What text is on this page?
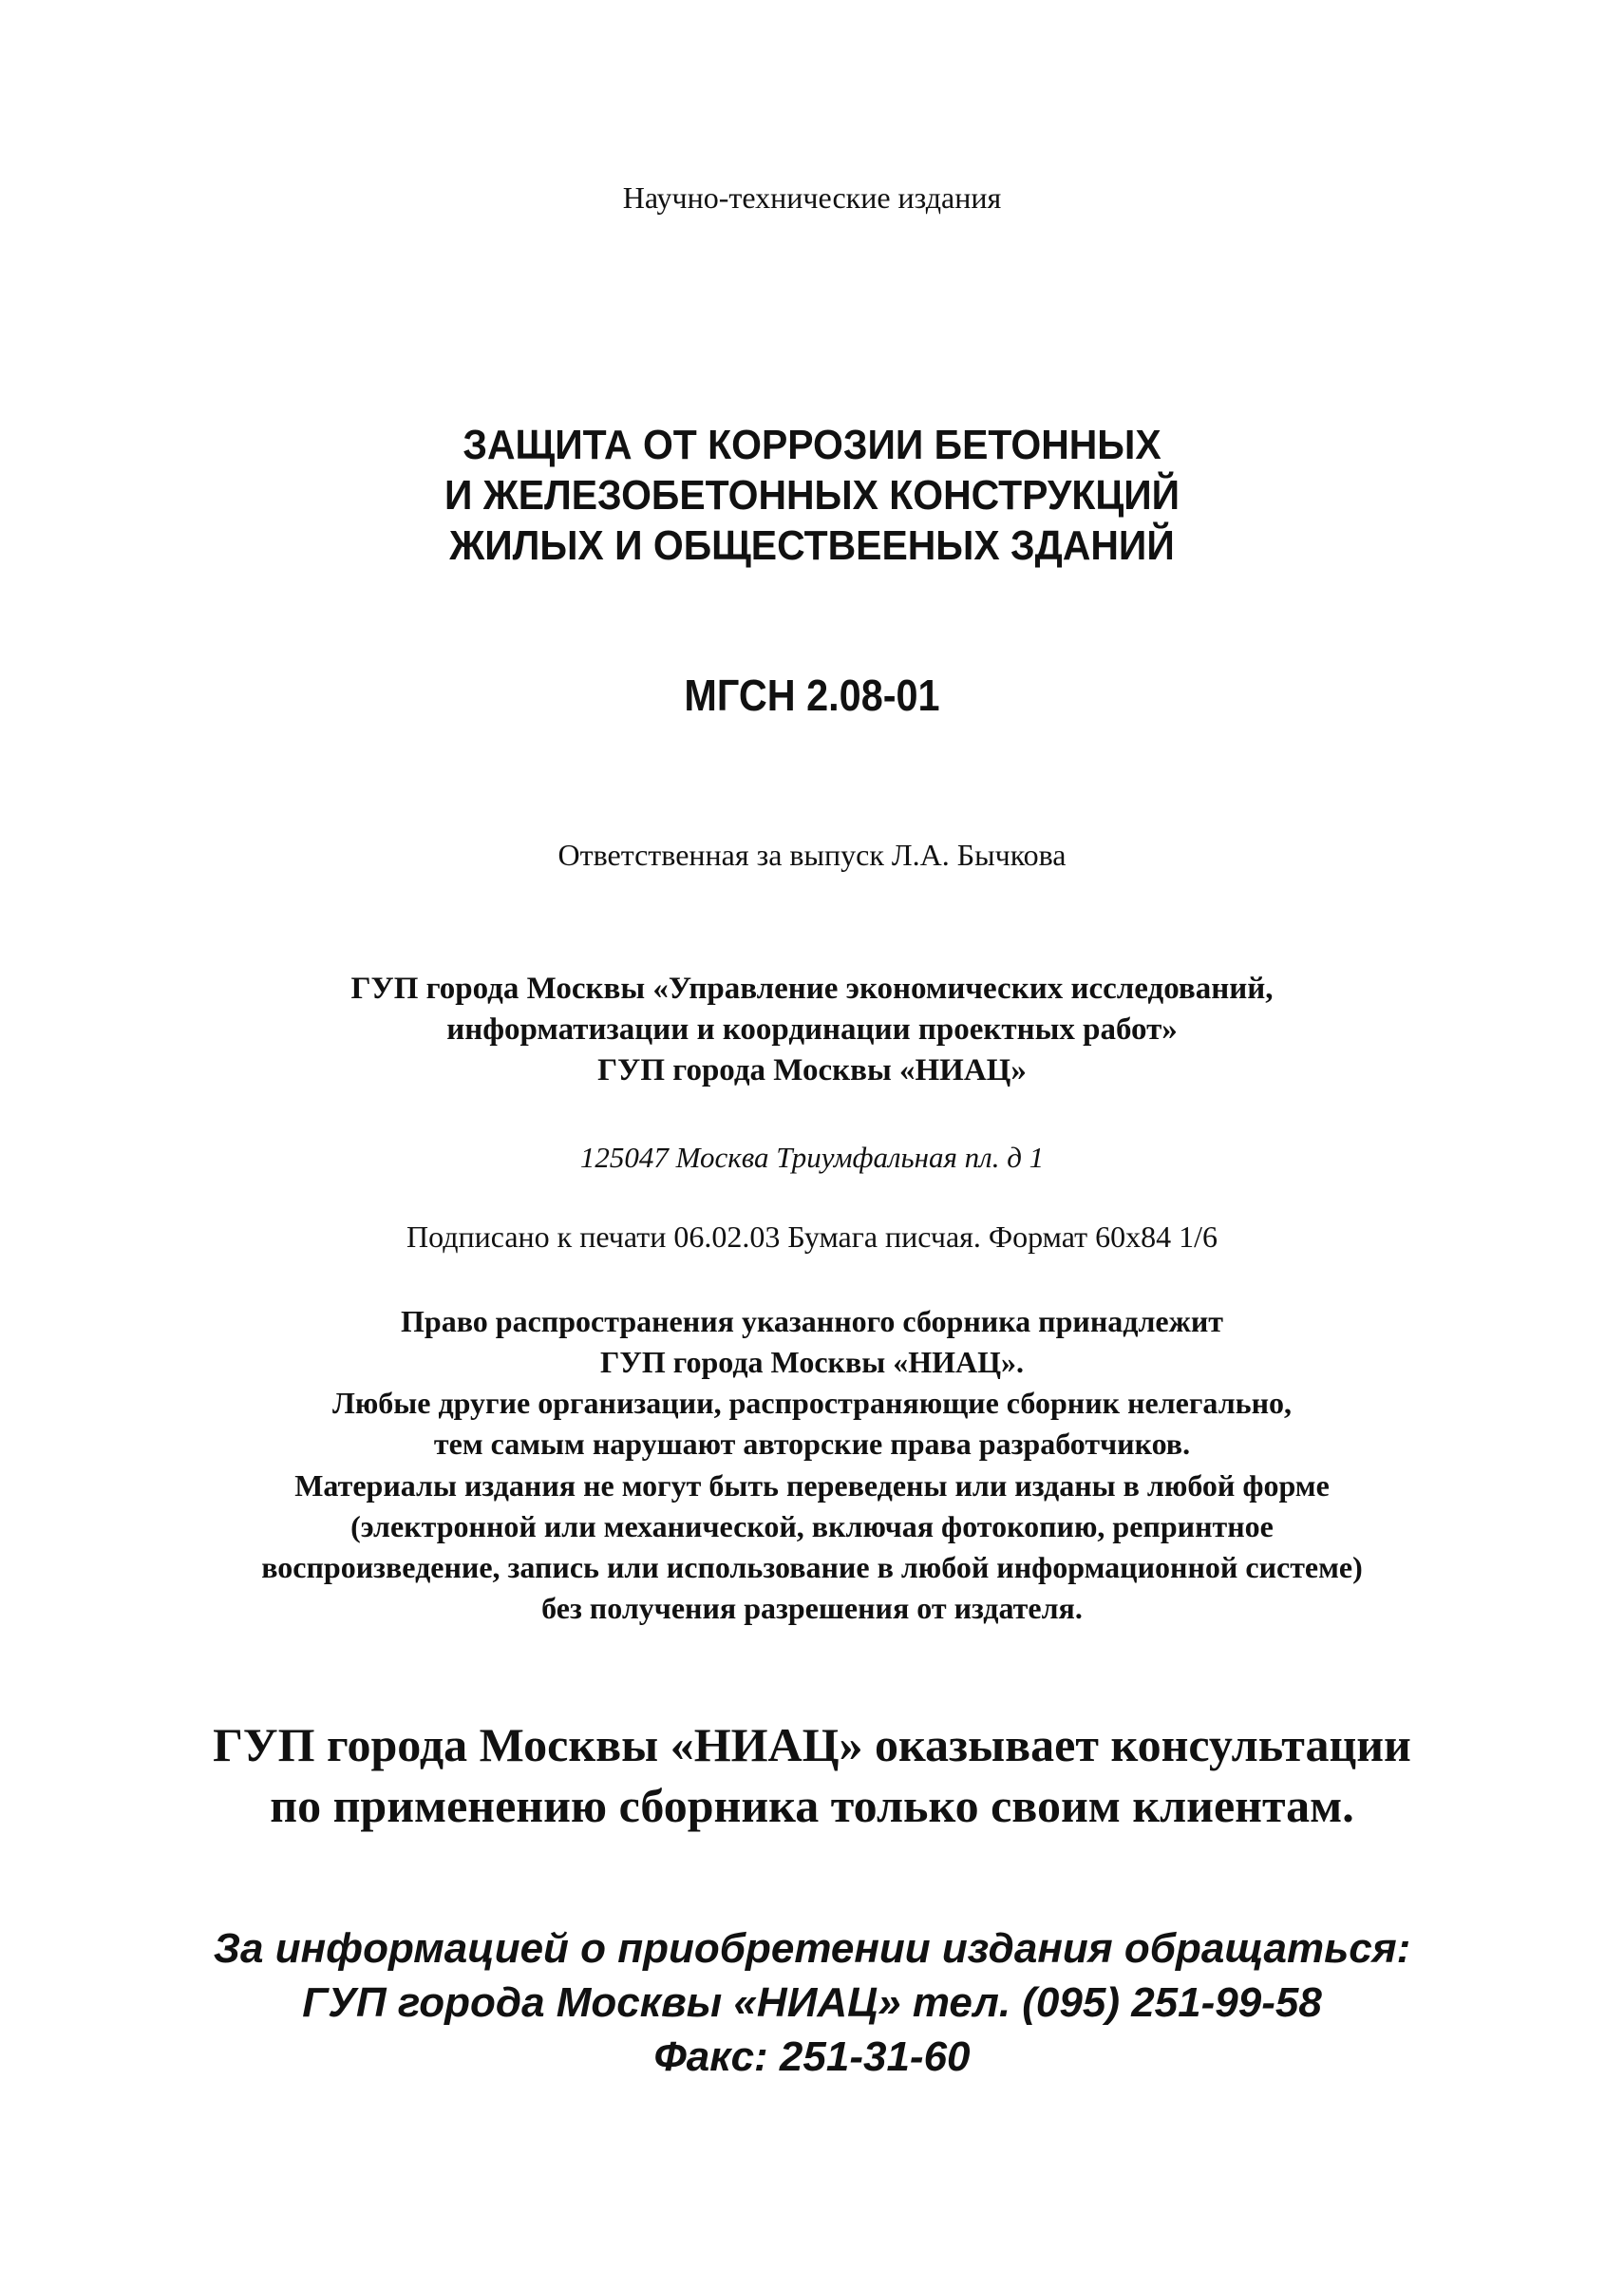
Научно-технические издания
ЗАЩИТА ОТ КОРРОЗИИ БЕТОННЫХ
И ЖЕЛЕЗОБЕТОННЫХ КОНСТРУКЦИЙ
ЖИЛЫХ И ОБЩЕСТВЕЕНЫХ ЗДАНИЙ
МГСН 2.08-01
Ответственная за выпуск Л.А. Бычкова
ГУП города Москвы «Управление экономических исследований,
информатизации и координации проектных работ»
ГУП города Москвы «НИАЦ»
125047 Москва Триумфальная пл. д 1
Подписано к печати 06.02.03 Бумага писчая. Формат 60x84 1/6
Право распространения указанного сборника принадлежит
ГУП города Москвы «НИАЦ».
Любые другие организации, распространяющие сборник нелегально,
тем самым нарушают авторские права разработчиков.
Материалы издания не могут быть переведены или изданы в любой форме
(электронной или механической, включая фотокопию, репринтное
воспроизведение, запись или использование в любой информационной системе)
без получения разрешения от издателя.
ГУП города Москвы «НИАЦ» оказывает консультации
по применению сборника только своим клиентам.
За информацией о приобретении издания обращаться:
ГУП города Москвы «НИАЦ» тел. (095) 251-99-58
Факс: 251-31-60
